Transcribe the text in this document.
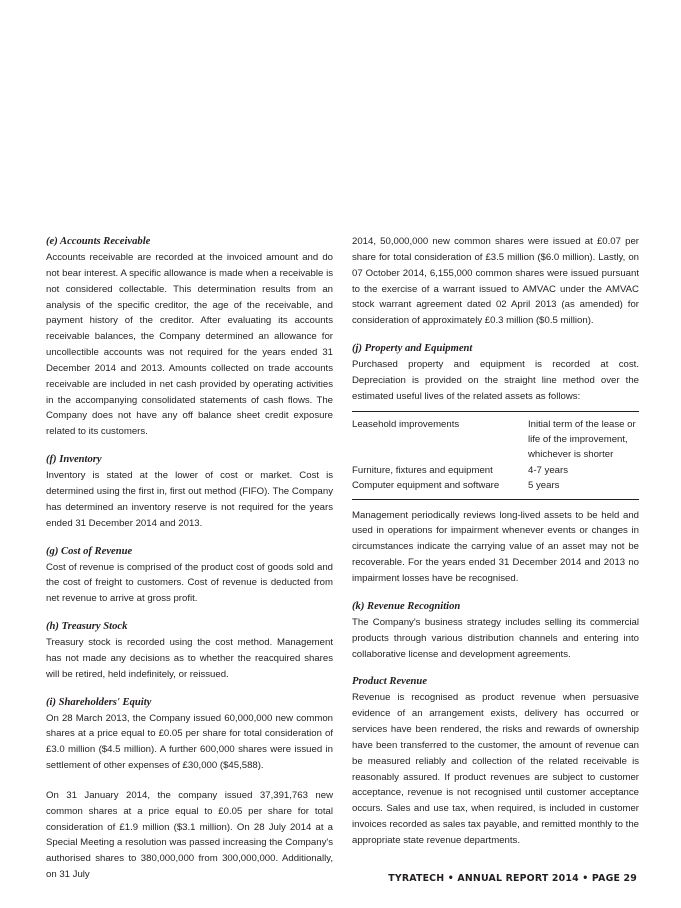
(e) Accounts Receivable

Accounts receivable are recorded at the invoiced amount and do not bear interest. A specific allowance is made when a receivable is not considered collectable. This determination results from an analysis of the specific creditor, the age of the receivable, and payment history of the creditor. After evaluating its accounts receivable balances, the Company determined an allowance for uncollectible accounts was not required for the years ended 31 December 2014 and 2013. Amounts collected on trade accounts receivable are included in net cash provided by operating activities in the accompanying consolidated statements of cash flows. The Company does not have any off balance sheet credit exposure related to its customers.

(f) Inventory

Inventory is stated at the lower of cost or market. Cost is determined using the first in, first out method (FIFO). The Company has determined an inventory reserve is not required for the years ended 31 December 2014 and 2013.

(g) Cost of Revenue

Cost of revenue is comprised of the product cost of goods sold and the cost of freight to customers. Cost of revenue is deducted from net revenue to arrive at gross profit.

(h) Treasury Stock

Treasury stock is recorded using the cost method. Management has not made any decisions as to whether the reacquired shares will be retired, held indefinitely, or reissued.

(i) Shareholders' Equity

On 28 March 2013, the Company issued 60,000,000 new common shares at a price equal to £0.05 per share for total consideration of £3.0 million ($4.5 million). A further 600,000 shares were issued in settlement of other expenses of £30,000 ($45,588).

On 31 January 2014, the company issued 37,391,763 new common shares at a price equal to £0.05 per share for total consideration of £1.9 million ($3.1 million). On 28 July 2014 at a Special Meeting a resolution was passed increasing the Company's authorised shares to 380,000,000 from 300,000,000. Additionally, on 31 July

2014, 50,000,000 new common shares were issued at £0.07 per share for total consideration of £3.5 million ($6.0 million). Lastly, on 07 October 2014, 6,155,000 common shares were issued pursuant to the exercise of a warrant issued to AMVAC under the AMVAC stock warrant agreement dated 02 April 2013 (as amended) for consideration of approximately £0.3 million ($0.5 million).

(j) Property and Equipment

Purchased property and equipment is recorded at cost. Depreciation is provided on the straight line method over the estimated useful lives of the related assets as follows:

Leasehold improvements	Initial term of the lease or life of the improvement, whichever is shorter
Furniture, fixtures and equipment	4-7 years
Computer equipment and software	5 years

Management periodically reviews long-lived assets to be held and used in operations for impairment whenever events or changes in circumstances indicate the carrying value of an asset may not be recoverable. For the years ended 31 December 2014 and 2013 no impairment losses have be recognised.

(k) Revenue Recognition

The Company's business strategy includes selling its commercial products through various distribution channels and entering into collaborative license and development agreements.

Product Revenue

Revenue is recognised as product revenue when persuasive evidence of an arrangement exists, delivery has occurred or services have been rendered, the risks and rewards of ownership have been transferred to the customer, the amount of revenue can be measured reliably and collection of the related receivable is reasonably assured. If product revenues are subject to customer acceptance, revenue is not recognised until customer acceptance occurs. Sales and use tax, when required, is included in customer invoices recorded as sales tax payable, and remitted monthly to the appropriate state revenue departments.

TYRATECH • ANNUAL REPORT 2014 • PAGE 29
